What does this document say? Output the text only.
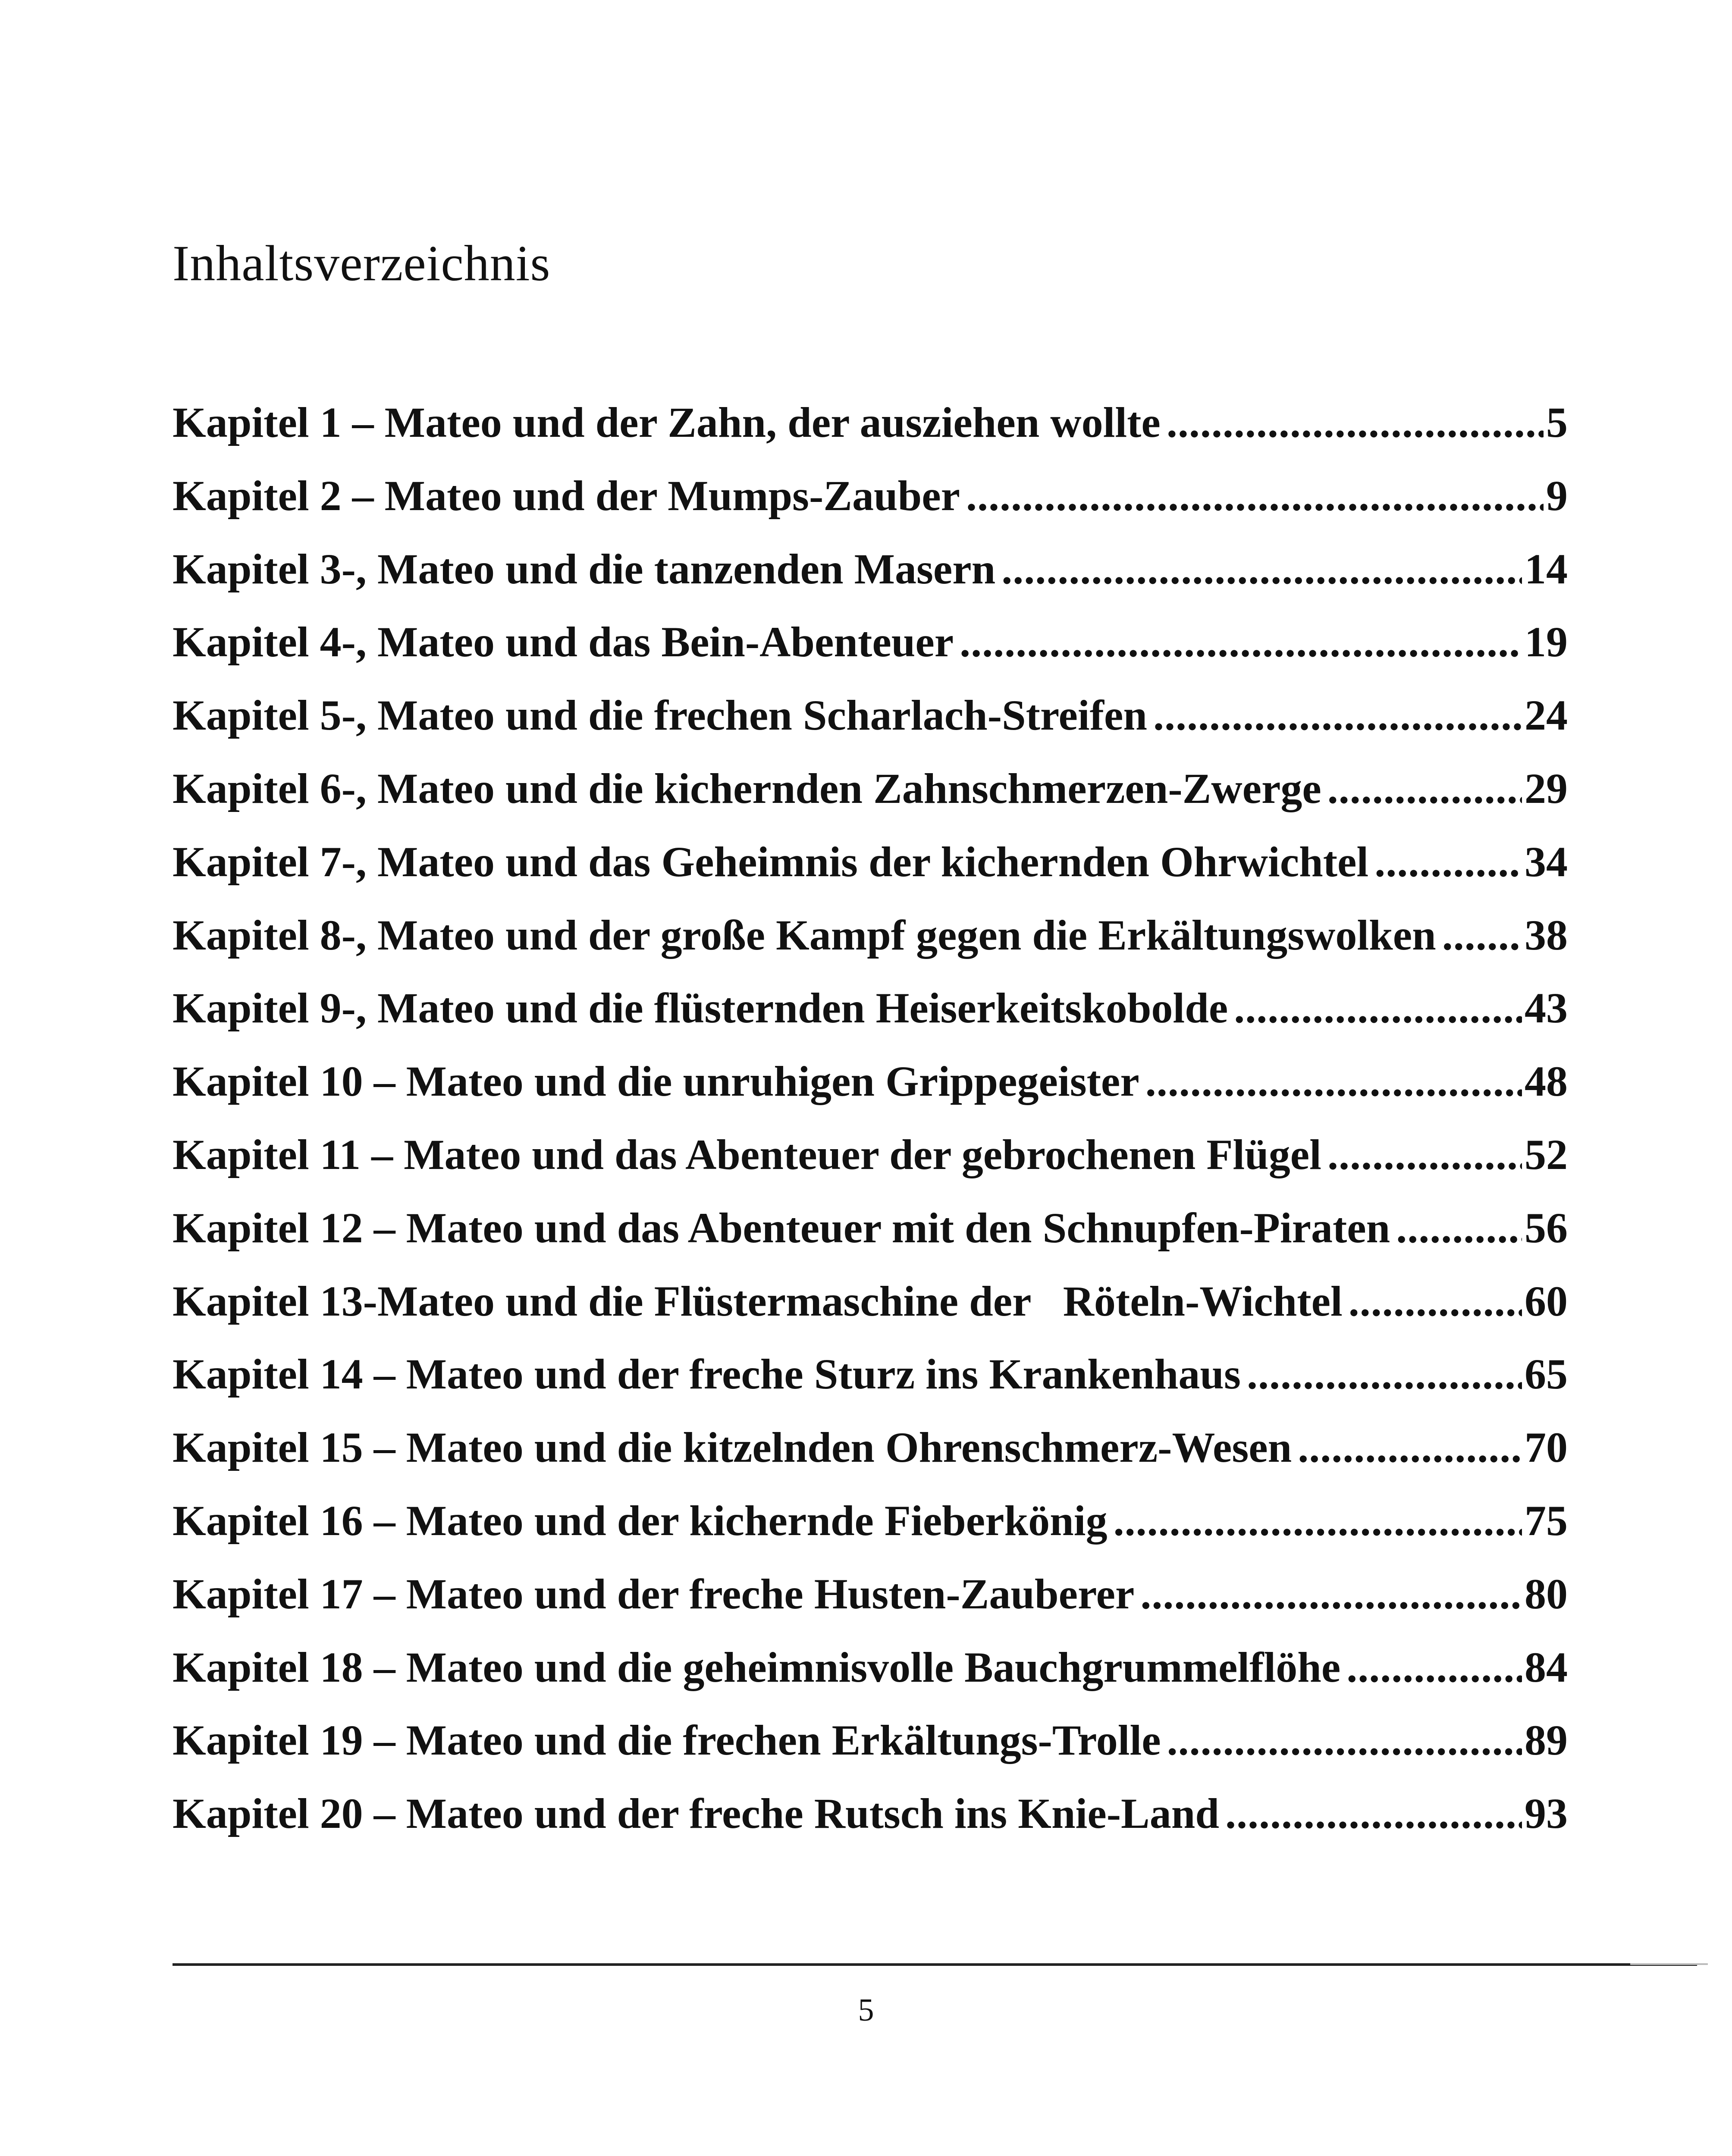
Inhaltsverzeichnis
Kapitel 1 – Mateo und der Zahn, der ausziehen wollte .....	5
Kapitel 2 – Mateo und der Mumps-Zauber .....	9
Kapitel 3-, Mateo und die tanzenden Masern .....	14
Kapitel 4-, Mateo und das Bein-Abenteuer .....	19
Kapitel 5-, Mateo und die frechen Scharlach-Streifen .....	24
Kapitel 6-, Mateo und die kichernden Zahnschmerzen-Zwerge .....	29
Kapitel 7-, Mateo und das Geheimnis der kichernden Ohrwichtel .....	34
Kapitel 8-, Mateo und der große Kampf gegen die Erkältungswolken ..... 38
Kapitel 9-, Mateo und die flüsternden Heiserkeitskobolde .....	43
Kapitel 10 – Mateo und die unruhigen Grippegeister .....	48
Kapitel 11 – Mateo und das Abenteuer der gebrochenen Flügel .....	52
Kapitel 12 – Mateo und das Abenteuer mit den Schnupfen-Piraten .....	56
Kapitel 13-Mateo und die Flüstermaschine der   Röteln-Wichtel .....	60
Kapitel 14 – Mateo und der freche Sturz ins Krankenhaus .....	65
Kapitel 15 – Mateo und die kitzelnden Ohrenschmerz-Wesen .....	70
Kapitel 16 – Mateo und der kichernde Fieberkönig .....	75
Kapitel 17 – Mateo und der freche Husten-Zauberer .....	80
Kapitel 18 – Mateo und die geheimnisvolle Bauchgrummelflöhe .....	84
Kapitel 19 – Mateo und die frechen Erkältungs-Trolle .....	89
Kapitel 20 – Mateo und der freche Rutsch ins Knie-Land .....	93
5
